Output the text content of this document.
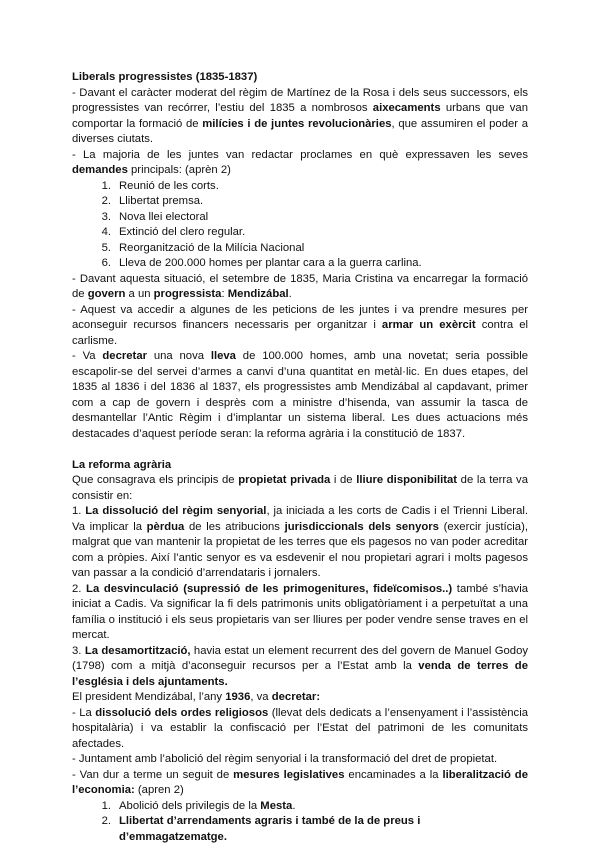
Liberals progressistes (1835-1837)

- Davant el caràcter moderat del règim de Martínez de la Rosa i dels seus successors, els progressistes van recórrer, l’estiu del 1835 a nombrosos aixecaments urbans que van comportar la formació de milícies i de juntes revolucionàries, que assumiren el poder a diverses ciutats.

- La majoria de les juntes van redactar proclames en què expressaven les seves demandes principals: (aprèn 2)

1. Reunió de les corts.
2. Llibertat premsa.
3. Nova llei electoral
4. Extinció del clero regular.
5. Reorganització de la Milícia Nacional
6. Lleva de 200.000 homes per plantar cara a la guerra carlina.

- Davant aquesta situació, el setembre de 1835, Maria Cristina va encarregar la formació de govern a un progressista: Mendizábal.

- Aquest va accedir a algunes de les peticions de les juntes i va prendre mesures per aconseguir recursos financers necessaris per organitzar i armar un exèrcit contra el carlisme.

- Va decretar una nova lleva de 100.000 homes, amb una novetat; seria possible escapolir-se del servei d’armes a canvi d’una quantitat en metàl·lic. En dues etapes, del 1835 al 1836 i del 1836 al 1837, els progressistes amb Mendizábal al capdavant, primer com a cap de govern i desprès com a ministre d’hisenda, van assumir la tasca de desmantellar l’Antic Règim i d’implantar un sistema liberal. Les dues actuacions més destacades d’aquest període seran: la reforma agrària i la constitució de 1837.

La reforma agrària

Que consagrava els principis de propietat privada i de lliure disponibilitat de la terra va consistir en:

1. La dissolució del règim senyorial, ja iniciada a les corts de Cadis i el Trienni Liberal. Va implicar la pèrdua de les atribucions jurisdiccionals dels senyors (exercir justícia), malgrat que van mantenir la propietat de les terres que els pagesos no van poder acreditar com a pròpies. Així l’antic senyor es va esdevenir el nou propietari agrari i molts pagesos van passar a la condició d’arrendataris i jornalers.

2. La desvinculació (supressió de les primogenitures, fideïcomisos..) també s’havia iniciat a Cadis. Va significar la fi dels patrimonis units obligatòriament i a perpetuïtat a una família o institució i els seus propietaris van ser lliures per poder vendre sense traves en el mercat.

3. La desamortització, havia estat un element recurrent des del govern de Manuel Godoy (1798) com a mitjà d’aconseguir recursos per a l’Estat amb la venda de terres de l’església i dels ajuntaments.

El president Mendizábal, l’any 1936, va decretar:

- La dissolució dels ordes religiosos (llevat dels dedicats a l’ensenyament i l’assistència hospitalària) i va establir la confiscació per l’Estat del patrimoni de les comunitats afectades.

- Juntament amb l’abolició del règim senyorial i la transformació del dret de propietat.

- Van dur a terme un seguit de mesures legislatives encaminades a la liberalització de l’economia: (apren 2)

1. Abolició dels privilegis de la Mesta.
2. Llibertat d’arrendaments agraris i també de la de preus i d’emmagatzematge.
